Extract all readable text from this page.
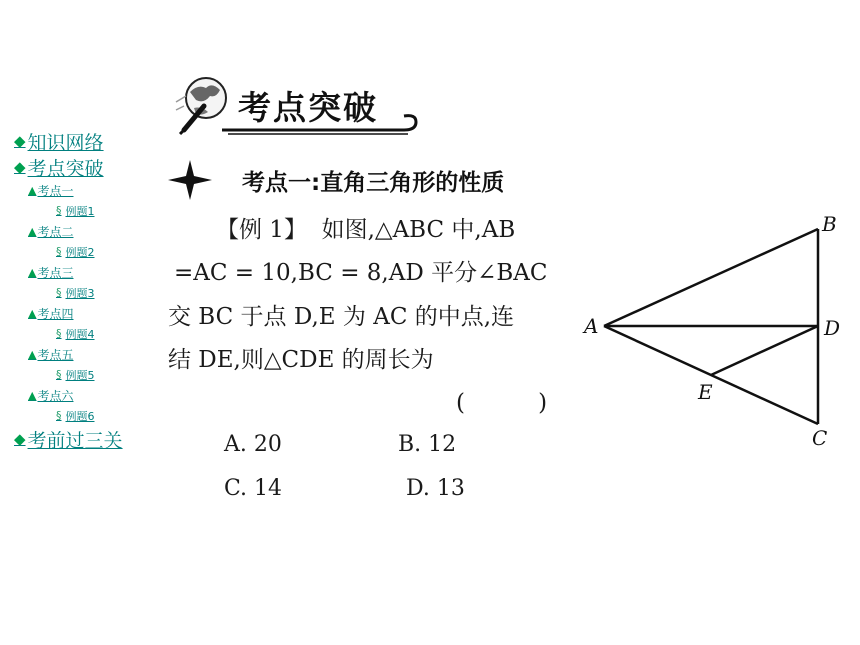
◆ 知识网络
◆ 考点突破
▲ 考点一
§ 例题1
▲ 考点二
§ 例题2
▲ 考点三
§ 例题3
▲ 考点四
§ 例题4
▲ 考点五
§ 例题5
▲ 考点六
§ 例题6
◆ 考前过三关
考点突破
考点一:直角三角形的性质
【例 1】  如图,△ABC 中,AB
=AC = 10,BC = 8,AD 平分∠BAC
交 BC 于点 D,E 为 AC 的中点,连
结 DE,则△CDE 的周长为
(          )
A. 20	B. 12
C. 14	D. 13
A
B
C
D
E
